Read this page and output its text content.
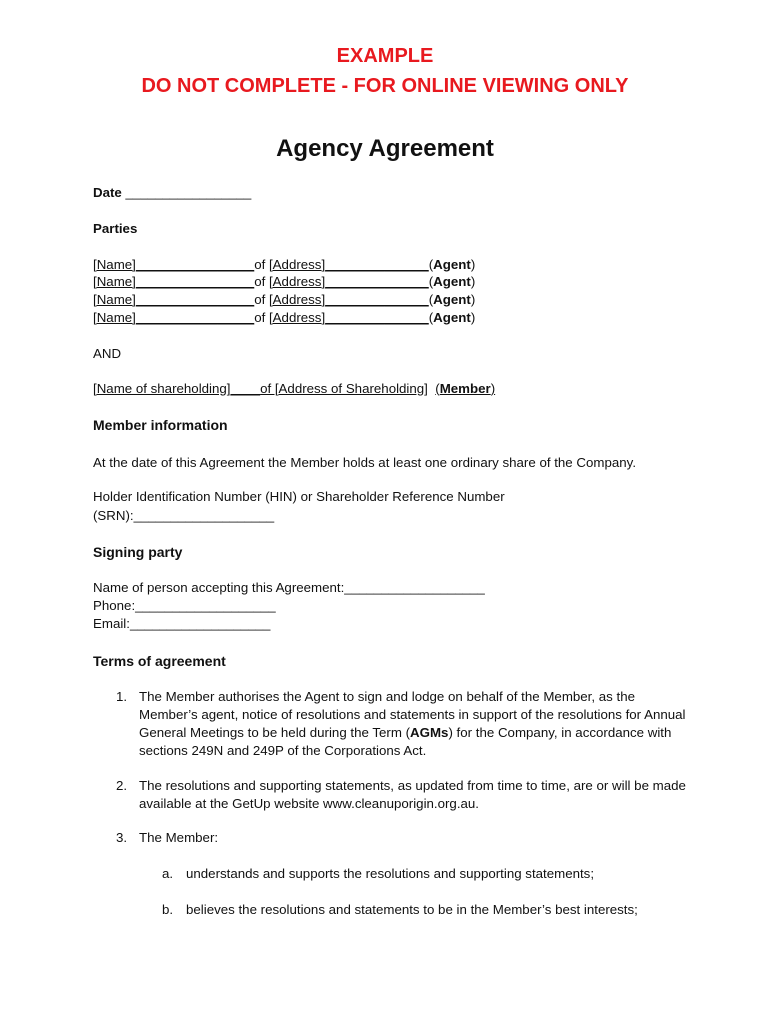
EXAMPLE
DO NOT COMPLETE - FOR ONLINE VIEWING ONLY
Agency Agreement
Date _________________
Parties
[Name]________________of [Address]______________(Agent)
[Name]________________of [Address]______________(Agent)
[Name]________________of [Address]______________(Agent)
[Name]________________of [Address]______________(Agent)
AND
[Name of shareholding]____of [Address of Shareholding] (Member)
Member information
At the date of this Agreement the Member holds at least one ordinary share of the Company.
Holder Identification Number (HIN) or Shareholder Reference Number
(SRN):___________________
Signing party
Name of person accepting this Agreement:___________________
Phone:___________________
Email:___________________
Terms of agreement
1. The Member authorises the Agent to sign and lodge on behalf of the Member, as the Member’s agent, notice of resolutions and statements in support of the resolutions for Annual General Meetings to be held during the Term (AGMs) for the Company, in accordance with sections 249N and 249P of the Corporations Act.
2. The resolutions and supporting statements, as updated from time to time, are or will be made available at the GetUp website www.cleanuporigin.org.au.
3. The Member:
a. understands and supports the resolutions and supporting statements;
b. believes the resolutions and statements to be in the Member’s best interests;
